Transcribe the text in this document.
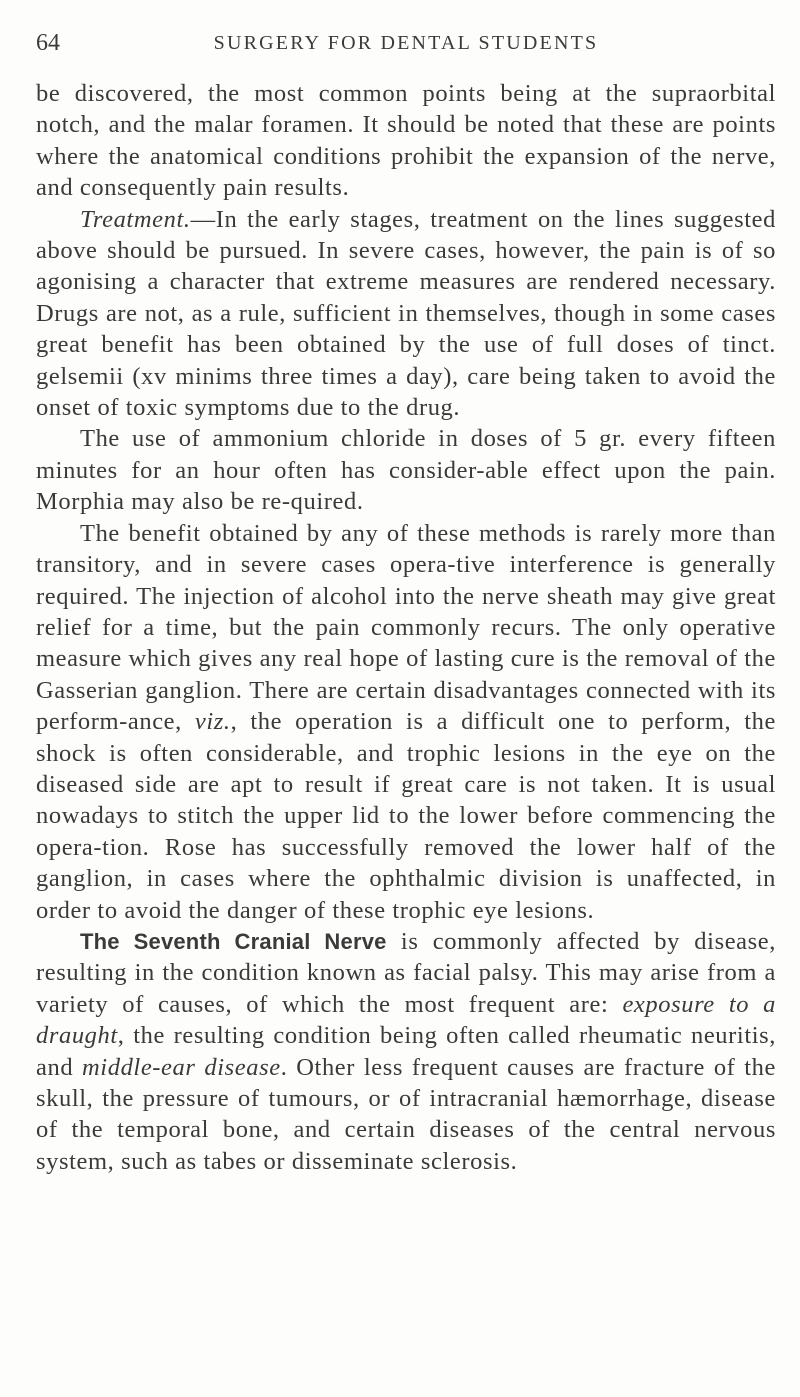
64	SURGERY FOR DENTAL STUDENTS

be discovered, the most common points being at the supraorbital notch, and the malar foramen. It should be noted that these are points where the anatomical conditions prohibit the expansion of the nerve, and consequently pain results.

Treatment.—In the early stages, treatment on the lines suggested above should be pursued. In severe cases, however, the pain is of so agonising a character that extreme measures are rendered necessary. Drugs are not, as a rule, sufficient in themselves, though in some cases great benefit has been obtained by the use of full doses of tinct. gelsemii (xv minims three times a day), care being taken to avoid the onset of toxic symptoms due to the drug.

The use of ammonium chloride in doses of 5 gr. every fifteen minutes for an hour often has consider-able effect upon the pain. Morphia may also be re-quired.

The benefit obtained by any of these methods is rarely more than transitory, and in severe cases opera-tive interference is generally required. The injection of alcohol into the nerve sheath may give great relief for a time, but the pain commonly recurs. The only operative measure which gives any real hope of lasting cure is the removal of the Gasserian ganglion. There are certain disadvantages connected with its perform-ance, viz., the operation is a difficult one to perform, the shock is often considerable, and trophic lesions in the eye on the diseased side are apt to result if great care is not taken. It is usual nowadays to stitch the upper lid to the lower before commencing the opera-tion. Rose has successfully removed the lower half of the ganglion, in cases where the ophthalmic division is unaffected, in order to avoid the danger of these trophic eye lesions.

The Seventh Cranial Nerve is commonly affected by disease, resulting in the condition known as facial palsy. This may arise from a variety of causes, of which the most frequent are: exposure to a draught, the resulting condition being often called rheumatic neuritis, and middle-ear disease. Other less frequent causes are fracture of the skull, the pressure of tumours, or of intracranial hæmorrhage, disease of the temporal bone, and certain diseases of the central nervous system, such as tabes or disseminate sclerosis.
